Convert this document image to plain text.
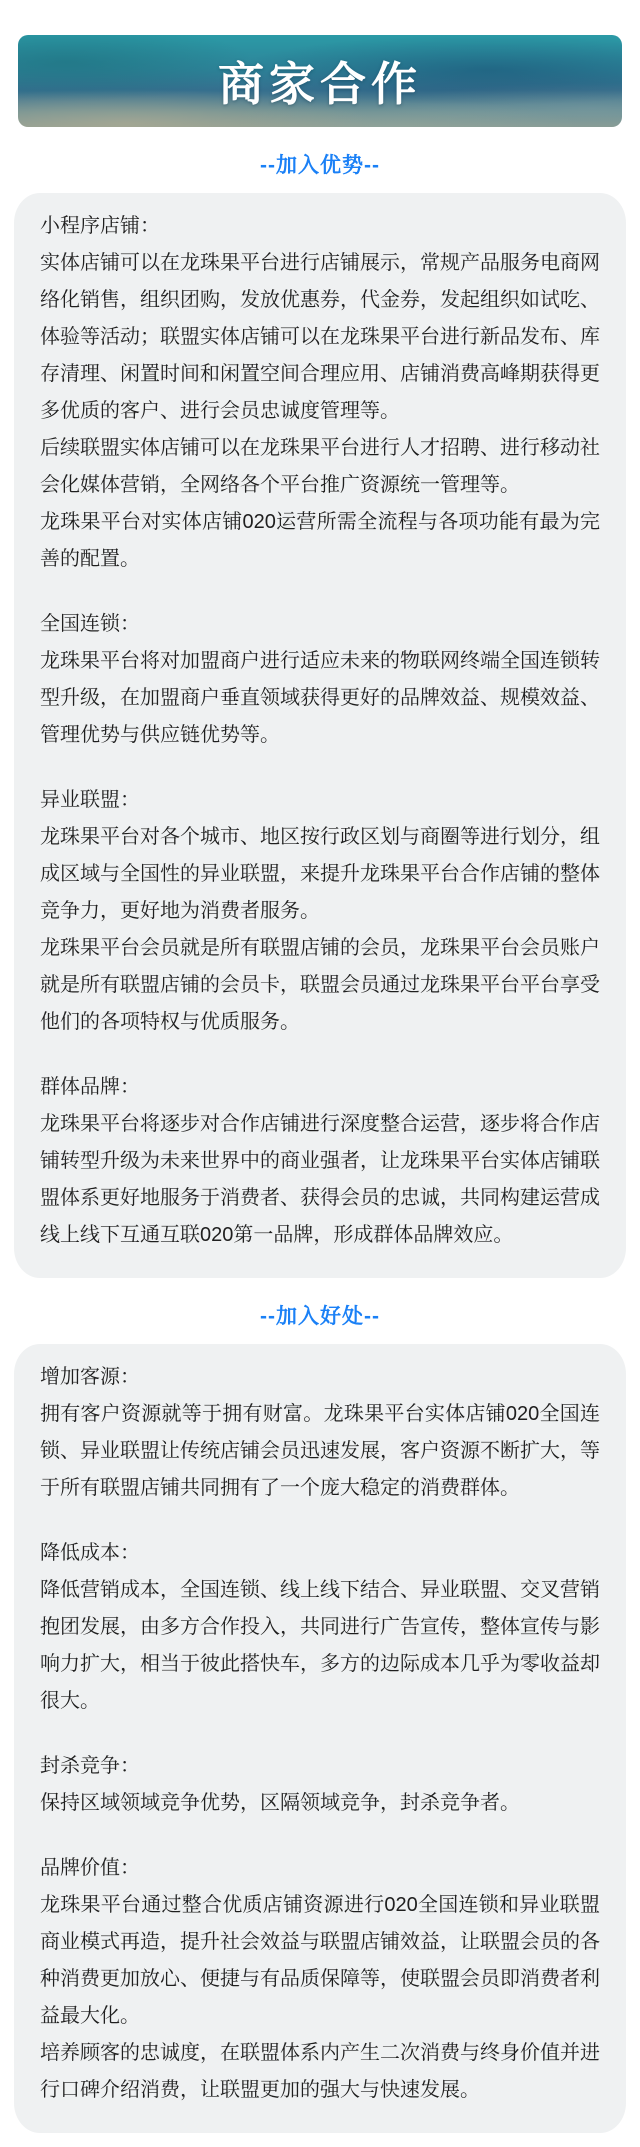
商家合作
--加入优势--

小程序店铺：

实体店铺可以在龙珠果平台进行店铺展示，常规产品服务电商网络化销售，组织团购，发放优惠券，代金券，发起组织如试吃、体验等活动；联盟实体店铺可以在龙珠果平台进行新品发布、库存清理、闲置时间和闲置空间合理应用、店铺消费高峰期获得更多优质的客户、进行会员忠诚度管理等。

后续联盟实体店铺可以在龙珠果平台进行人才招聘、进行移动社会化媒体营销，全网络各个平台推广资源统一管理等。

龙珠果平台对实体店铺020运营所需全流程与各项功能有最为完善的配置。

全国连锁：

龙珠果平台将对加盟商户进行适应未来的物联网终端全国连锁转型升级，在加盟商户垂直领域获得更好的品牌效益、规模效益、管理优势与供应链优势等。

异业联盟：

龙珠果平台对各个城市、地区按行政区划与商圈等进行划分，组成区域与全国性的异业联盟，来提升龙珠果平台合作店铺的整体竞争力，更好地为消费者服务。

龙珠果平台会员就是所有联盟店铺的会员，龙珠果平台会员账户就是所有联盟店铺的会员卡，联盟会员通过龙珠果平台平台享受他们的各项特权与优质服务。

群体品牌：

龙珠果平台将逐步对合作店铺进行深度整合运营，逐步将合作店铺转型升级为未来世界中的商业强者，让龙珠果平台实体店铺联盟体系更好地服务于消费者、获得会员的忠诚，共同构建运营成线上线下互通互联020第一品牌，形成群体品牌效应。

--加入好处--

增加客源：

拥有客户资源就等于拥有财富。龙珠果平台实体店铺020全国连锁、异业联盟让传统店铺会员迅速发展，客户资源不断扩大，等于所有联盟店铺共同拥有了一个庞大稳定的消费群体。

降低成本：

降低营销成本，全国连锁、线上线下结合、异业联盟、交叉营销抱团发展，由多方合作投入，共同进行广告宣传，整体宣传与影响力扩大，相当于彼此搭快车，多方的边际成本几乎为零收益却很大。

封杀竞争：

保持区域领域竞争优势，区隔领域竞争，封杀竞争者。

品牌价值：

龙珠果平台通过整合优质店铺资源进行020全国连锁和异业联盟商业模式再造，提升社会效益与联盟店铺效益，让联盟会员的各种消费更加放心、便捷与有品质保障等，使联盟会员即消费者利益最大化。

培养顾客的忠诚度，在联盟体系内产生二次消费与终身价值并进行口碑介绍消费，让联盟更加的强大与快速发展。
